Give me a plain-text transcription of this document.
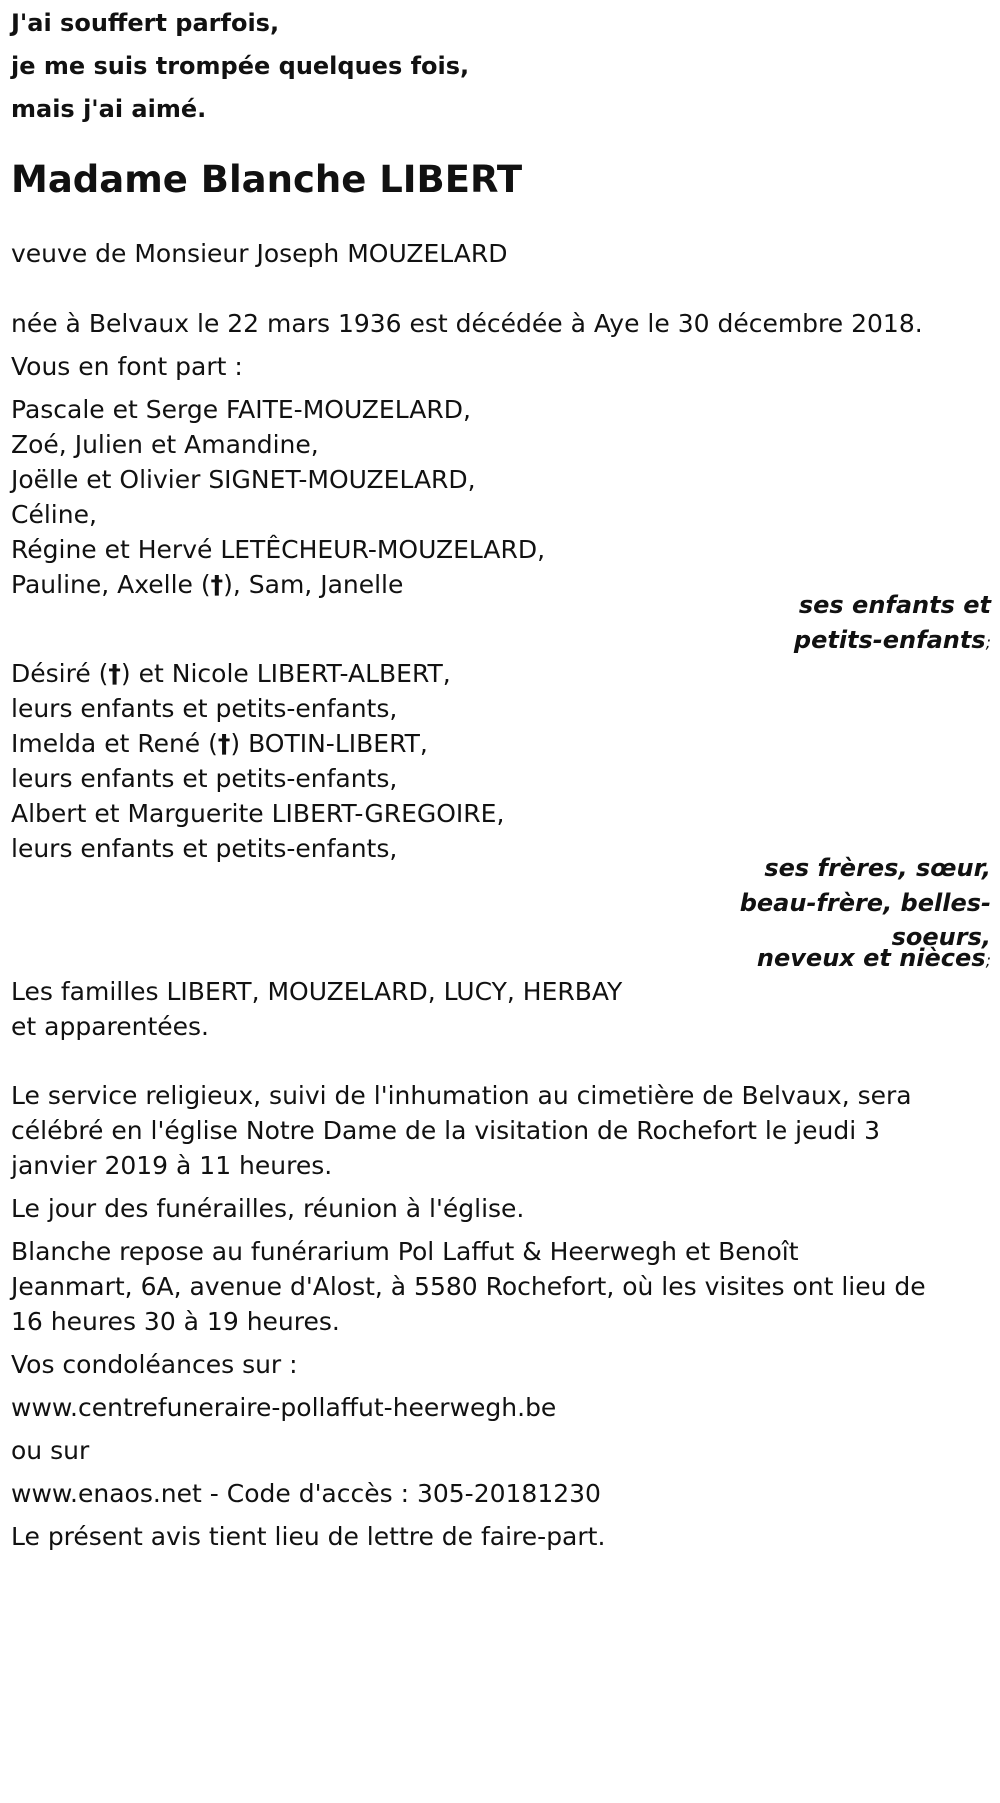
J'ai souffert parfois,
je me suis trompée quelques fois,
mais j'ai aimé.
Madame Blanche LIBERT
veuve de Monsieur Joseph MOUZELARD
née à Belvaux le 22 mars 1936 est décédée à Aye le 30 décembre 2018.
Vous en font part :
Pascale et Serge FAITE-MOUZELARD,
Zoé, Julien et Amandine,
Joëlle et Olivier SIGNET-MOUZELARD,
Céline,
Régine et Hervé LETÊCHEUR-MOUZELARD,
Pauline, Axelle (†), Sam, Janelle
ses enfants et
petits-enfants;
Désiré (†) et Nicole LIBERT-ALBERT,
leurs enfants et petits-enfants,
Imelda et René (†) BOTIN-LIBERT,
leurs enfants et petits-enfants,
Albert et Marguerite LIBERT-GREGOIRE,
leurs enfants et petits-enfants,
ses frères, sœur,
beau-frère, belles-
soeurs,
neveux et nièces;
Les familles LIBERT, MOUZELARD, LUCY, HERBAY
et apparentées.
Le service religieux, suivi de l'inhumation au cimetière de Belvaux, sera
célébré en l'église Notre Dame de la visitation de Rochefort le jeudi 3
janvier 2019 à 11 heures.
Le jour des funérailles, réunion à l'église.
Blanche repose au funérarium Pol Laffut & Heerwegh et Benoît
Jeanmart, 6A, avenue d'Alost, à 5580 Rochefort, où les visites ont lieu de
16 heures 30 à 19 heures.
Vos condoléances sur :
www.centrefuneraire-pollaffut-heerwegh.be
ou sur
www.enaos.net - Code d'accès : 305-20181230
Le présent avis tient lieu de lettre de faire-part.
